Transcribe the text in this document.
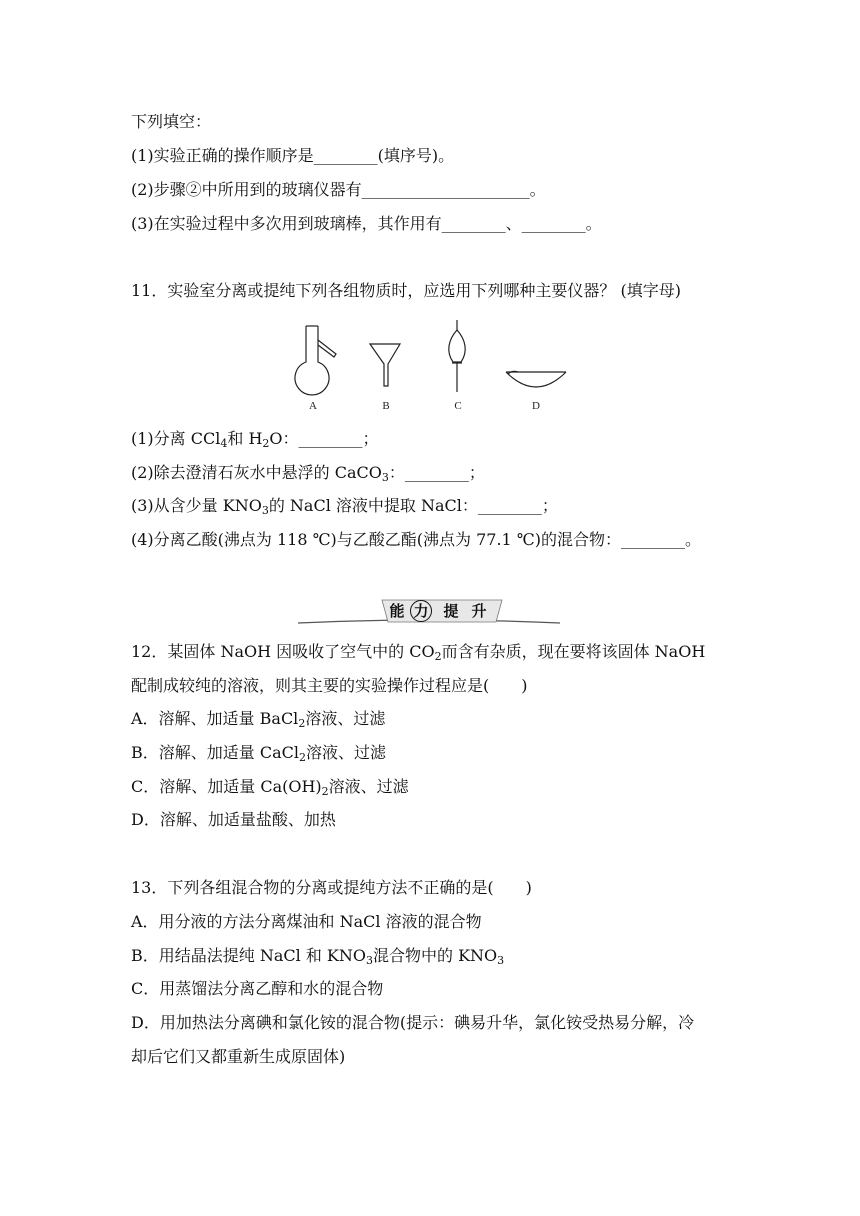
下列填空：
(1)实验正确的操作顺序是________(填序号)。
(2)步骤②中所用到的玻璃仪器有_____________________。
(3)在实验过程中多次用到玻璃棒，其作用有________、________。
11．实验室分离或提纯下列各组物质时，应选用下列哪种主要仪器？ (填字母)
A	B	C	D
(1)分离 CCl$_4$和 $H_2O$：________；
(2)除去澄清石灰水中悬浮的 CaCO$_3$：________；
(3)从含少量 $KNO_3$的 NaCl 溶液中提取 NaCl：________；
(4)分离乙酸(沸点为 118 ℃)与乙酸乙酯(沸点为 77.1 ℃)的混合物：________。
能 力 提 升
12．某固体 NaOH 因吸收了空气中的 $CO_2$而含有杂质，现在要将该固体 NaOH
配制成较纯的溶液，则其主要的实验操作过程应是(　　)
A．溶解、加适量 BaCl$_2$溶液、过滤
B．溶解、加适量 CaCl$_2$溶液、过滤
C．溶解、加适量 $Ca(OH)_2$溶液、过滤
D．溶解、加适量盐酸、加热
13．下列各组混合物的分离或提纯方法不正确的是(　　)
A．用分液的方法分离煤油和 NaCl 溶液的混合物
B．用结晶法提纯 NaCl 和 $KNO_3$混合物中的 $KNO_3$
C．用蒸馏法分离乙醇和水的混合物
D．用加热法分离碘和氯化铵的混合物(提示：碘易升华，氯化铵受热易分解，冷
却后它们又都重新生成原固体)
